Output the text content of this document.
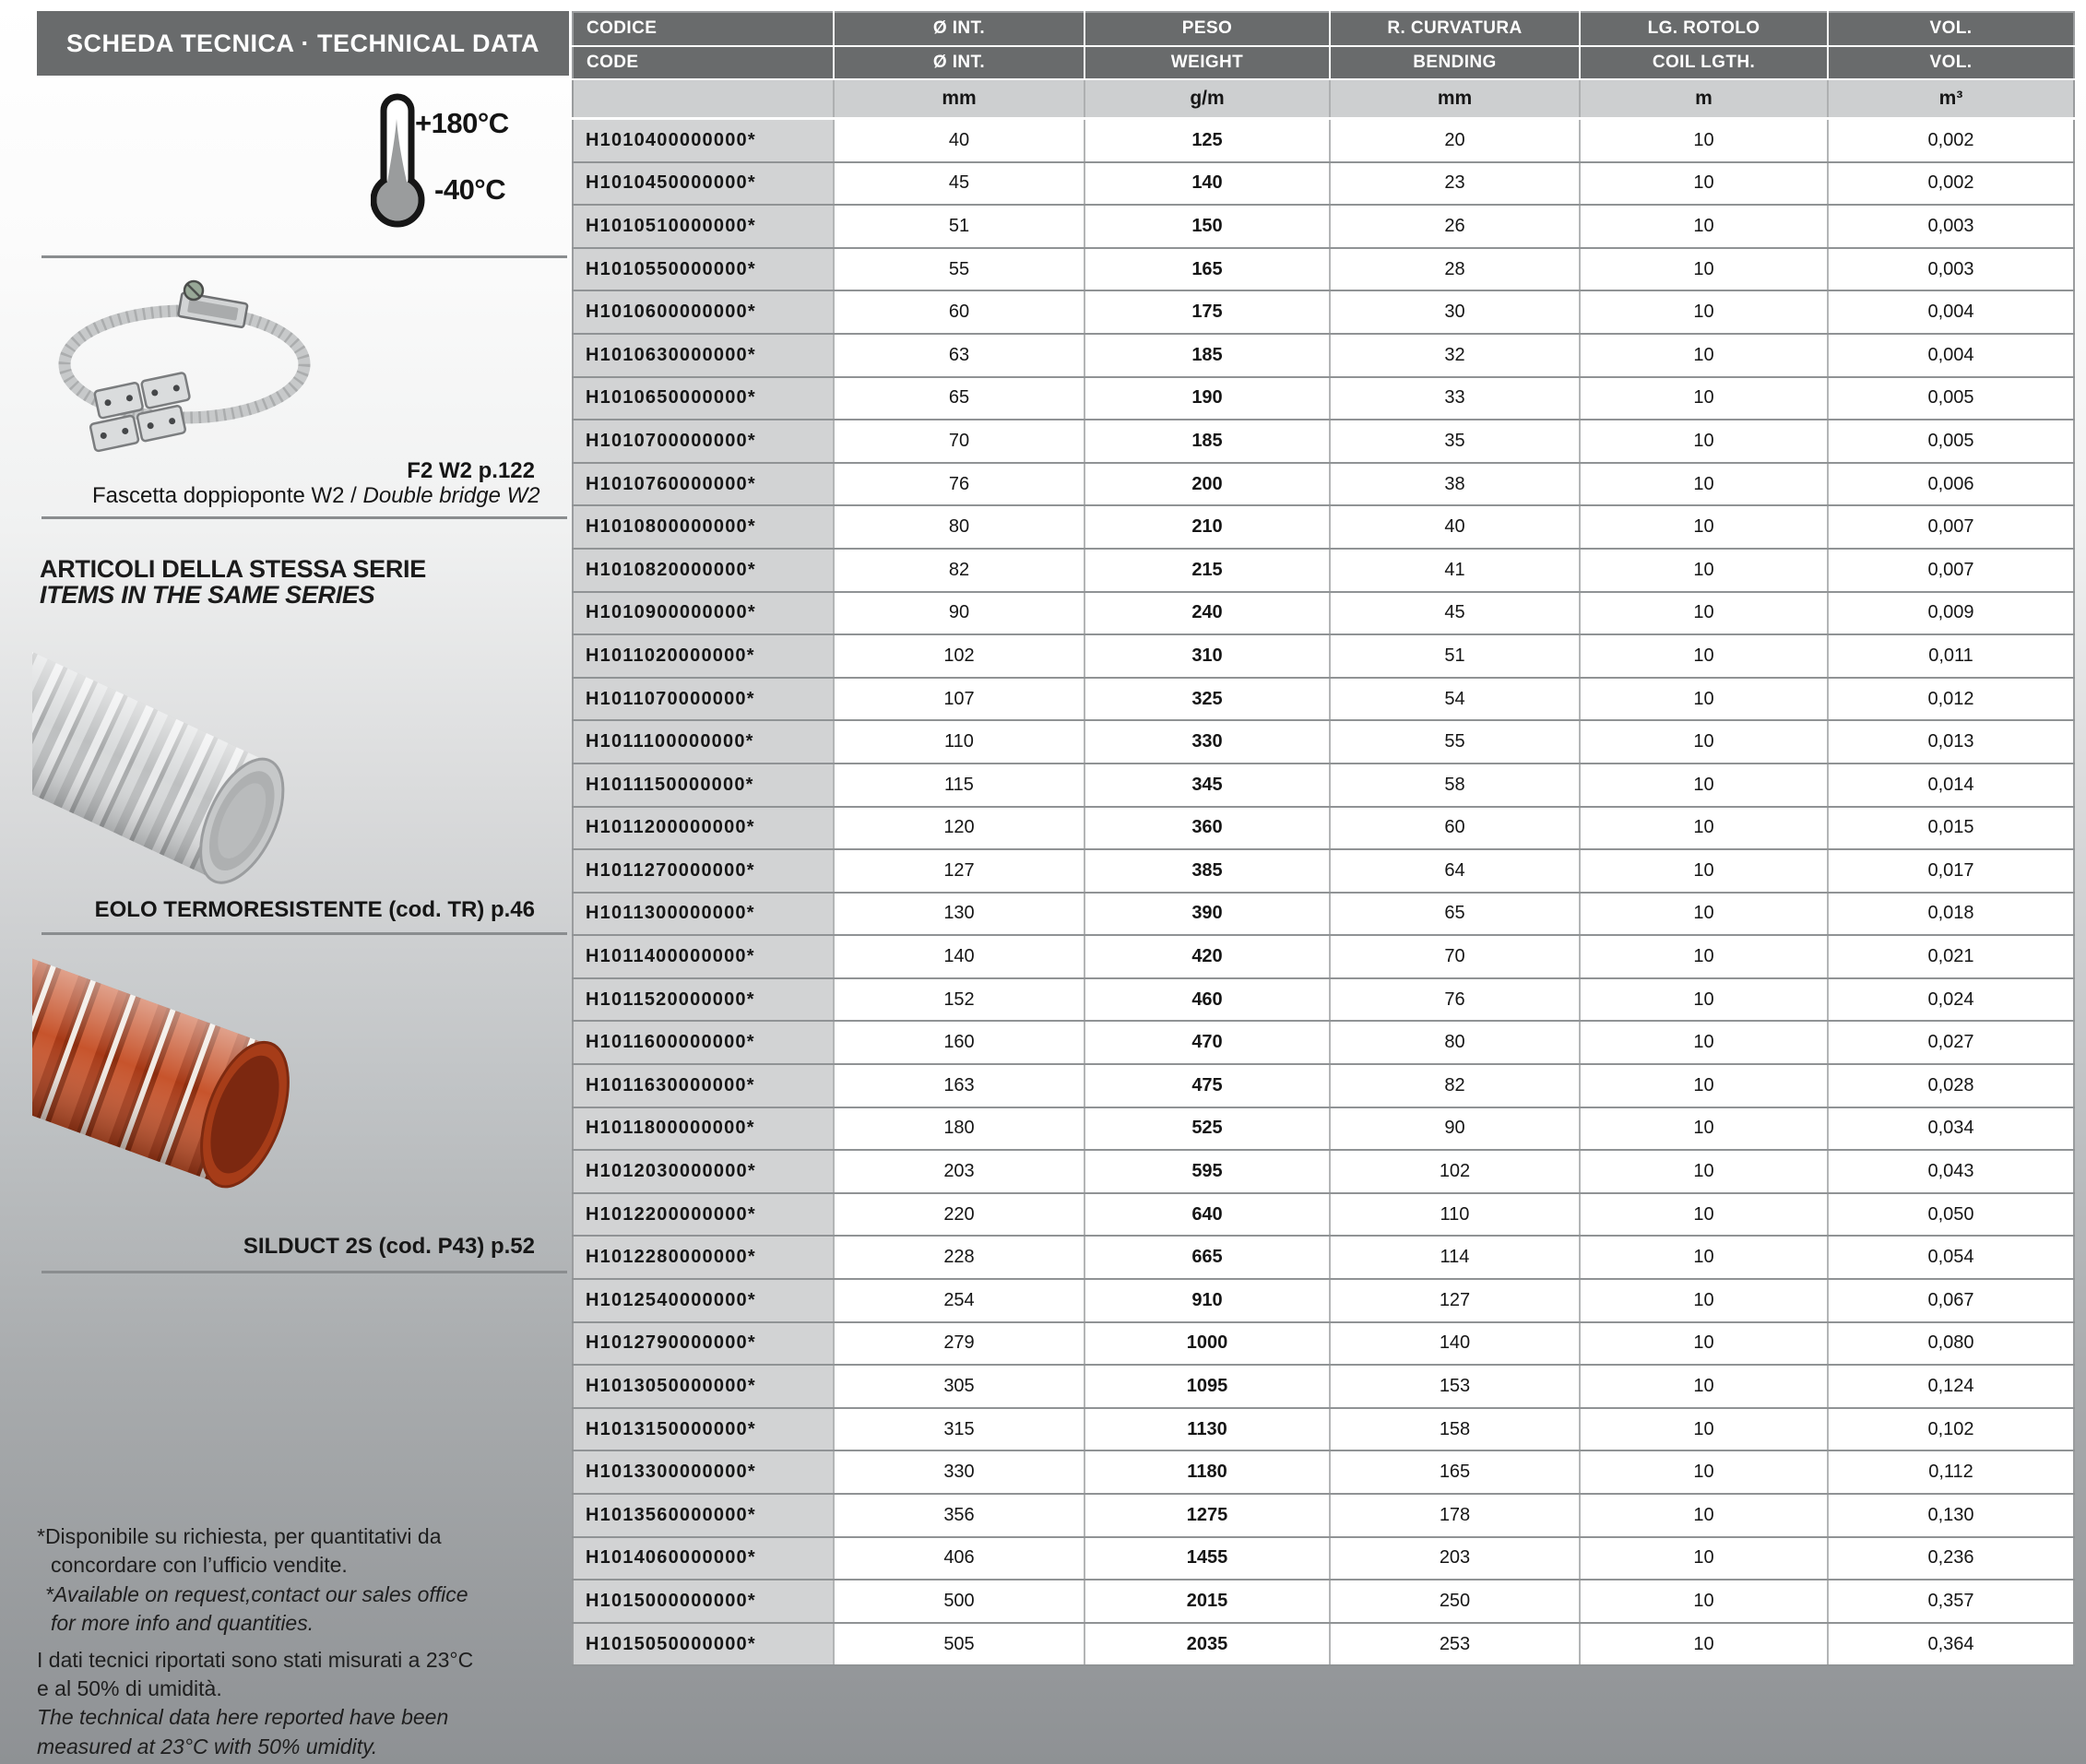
SCHEDA TECNICA · TECHNICAL DATA
+180°C
-40°C
F2 W2 p.122
Fascetta doppioponte W2 / Double bridge W2
ARTICOLI DELLA STESSA SERIE
ITEMS IN THE SAME SERIES
EOLO TERMORESISTENTE (cod. TR) p.46
SILDUCT 2S (cod. P43) p.52
*Disponibile su richiesta, per quantitativi da
concordare con l’ufficio vendite.
*Available on request,contact our sales office
for more info and quantities.
I dati tecnici riportati sono stati misurati a 23°C
e al 50% di umidità.
The technical data here reported have been
measured at 23°C with 50% umidity.
CODICE	Ø INT.	PESO	R. CURVATURA	LG. ROTOLO	VOL.
CODE	Ø INT.	WEIGHT	BENDING	COIL LGTH.	VOL.
	mm	g/m	mm	m	m³
H1010400000000*	40	125	20	10	0,002
H1010450000000*	45	140	23	10	0,002
H1010510000000*	51	150	26	10	0,003
H1010550000000*	55	165	28	10	0,003
H1010600000000*	60	175	30	10	0,004
H1010630000000*	63	185	32	10	0,004
H1010650000000*	65	190	33	10	0,005
H1010700000000*	70	185	35	10	0,005
H1010760000000*	76	200	38	10	0,006
H1010800000000*	80	210	40	10	0,007
H1010820000000*	82	215	41	10	0,007
H1010900000000*	90	240	45	10	0,009
H1011020000000*	102	310	51	10	0,011
H1011070000000*	107	325	54	10	0,012
H1011100000000*	110	330	55	10	0,013
H1011150000000*	115	345	58	10	0,014
H1011200000000*	120	360	60	10	0,015
H1011270000000*	127	385	64	10	0,017
H1011300000000*	130	390	65	10	0,018
H1011400000000*	140	420	70	10	0,021
H1011520000000*	152	460	76	10	0,024
H1011600000000*	160	470	80	10	0,027
H1011630000000*	163	475	82	10	0,028
H1011800000000*	180	525	90	10	0,034
H1012030000000*	203	595	102	10	0,043
H1012200000000*	220	640	110	10	0,050
H1012280000000*	228	665	114	10	0,054
H1012540000000*	254	910	127	10	0,067
H1012790000000*	279	1000	140	10	0,080
H1013050000000*	305	1095	153	10	0,124
H1013150000000*	315	1130	158	10	0,102
H1013300000000*	330	1180	165	10	0,112
H1013560000000*	356	1275	178	10	0,130
H1014060000000*	406	1455	203	10	0,236
H1015000000000*	500	2015	250	10	0,357
H1015050000000*	505	2035	253	10	0,364
